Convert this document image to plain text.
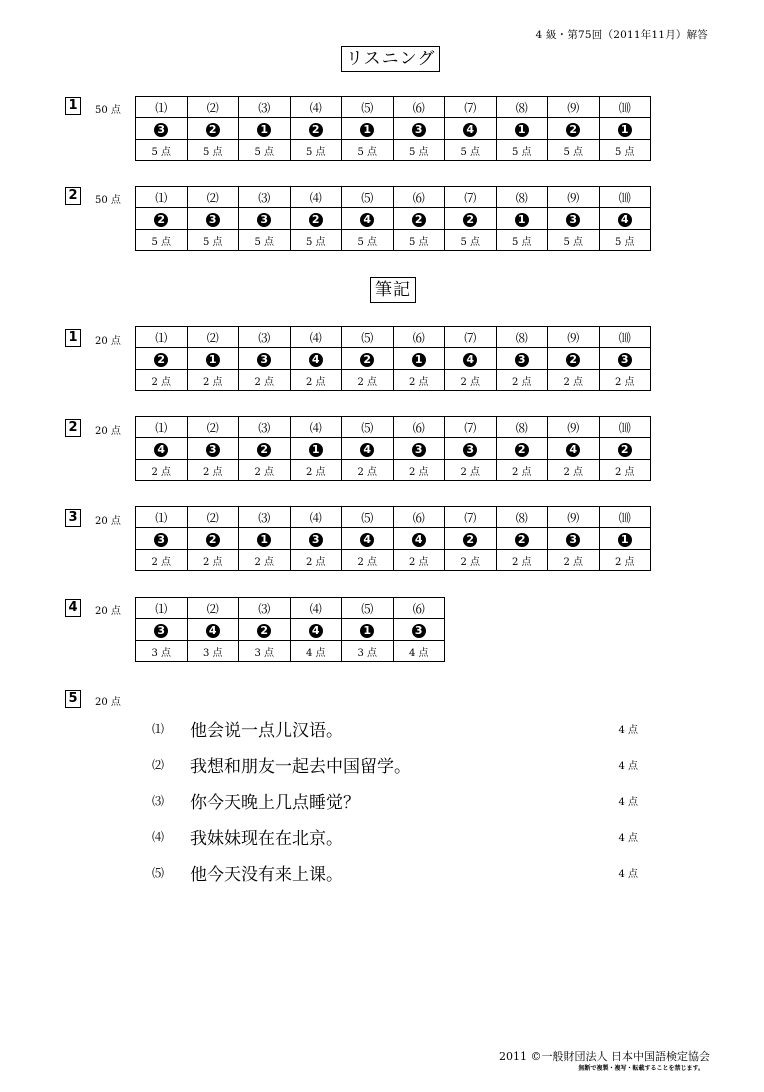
4 級・第75回（2011年11月）解答
リスニング
1	50 点	⑴	⑵	⑶	⑷	⑸	⑹	⑺	⑻	⑼	⑽
3	2	1	2	1	3	4	1	2	1
5 点	5 点	5 点	5 点	5 点	5 点	5 点	5 点	5 点	5 点
2	50 点	⑴	⑵	⑶	⑷	⑸	⑹	⑺	⑻	⑼	⑽
2	3	3	2	4	2	2	1	3	4
5 点	5 点	5 点	5 点	5 点	5 点	5 点	5 点	5 点	5 点
筆記
1	20 点	⑴	⑵	⑶	⑷	⑸	⑹	⑺	⑻	⑼	⑽
2	1	3	4	2	1	4	3	2	3
2 点	2 点	2 点	2 点	2 点	2 点	2 点	2 点	2 点	2 点
2	20 点	⑴	⑵	⑶	⑷	⑸	⑹	⑺	⑻	⑼	⑽
4	3	2	1	4	3	3	2	4	2
2 点	2 点	2 点	2 点	2 点	2 点	2 点	2 点	2 点	2 点
3	20 点	⑴	⑵	⑶	⑷	⑸	⑹	⑺	⑻	⑼	⑽
3	2	1	3	4	4	2	2	3	1
2 点	2 点	2 点	2 点	2 点	2 点	2 点	2 点	2 点	2 点
4	20 点	⑴	⑵	⑶	⑷	⑸	⑹
3	4	2	4	1	3
3 点	3 点	3 点	4 点	3 点	4 点
5	20 点
⑴ 他会说一点儿汉语。	4 点
⑵ 我想和朋友一起去中国留学。	4 点
⑶ 你今天晚上几点睡觉？	4 点
⑷ 我妹妹现在在北京。	4 点
⑸ 他今天没有来上课。	4 点
2011 ©一般財団法人 日本中国語検定協会
無断で複製・複写・転載することを禁じます。
